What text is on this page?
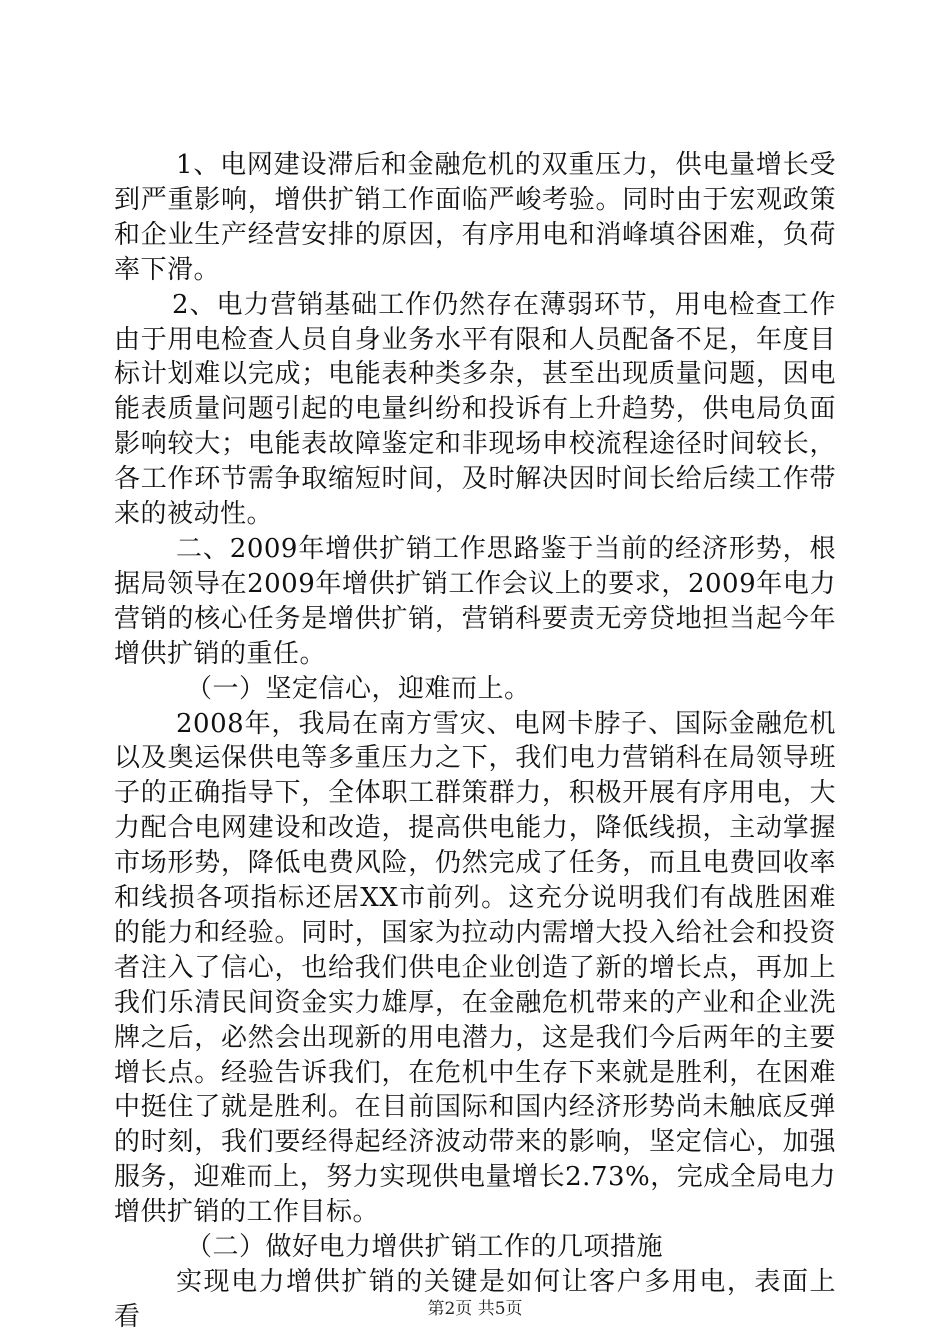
1、电网建设滞后和金融危机的双重压力，供电量增长受到严重影响，增供扩销工作面临严峻考验。同时由于宏观政策和企业生产经营安排的原因，有序用电和消峰填谷困难，负荷率下滑。

2、电力营销基础工作仍然存在薄弱环节，用电检查工作由于用电检查人员自身业务水平有限和人员配备不足，年度目标计划难以完成；电能表种类多杂，甚至出现质量问题，因电能表质量问题引起的电量纠纷和投诉有上升趋势，供电局负面影响较大；电能表故障鉴定和非现场申校流程途径时间较长，各工作环节需争取缩短时间，及时解决因时间长给后续工作带来的被动性。

二、2009年增供扩销工作思路鉴于当前的经济形势，根据局领导在2009年增供扩销工作会议上的要求，2009年电力营销的核心任务是增供扩销，营销科要责无旁贷地担当起今年增供扩销的重任。

（一）坚定信心，迎难而上。

2008年，我局在南方雪灾、电网卡脖子、国际金融危机以及奥运保供电等多重压力之下，我们电力营销科在局领导班子的正确指导下，全体职工群策群力，积极开展有序用电，大力配合电网建设和改造，提高供电能力，降低线损，主动掌握市场形势，降低电费风险，仍然完成了任务，而且电费回收率和线损各项指标还居XX市前列。这充分说明我们有战胜困难的能力和经验。同时，国家为拉动内需增大投入给社会和投资者注入了信心，也给我们供电企业创造了新的增长点，再加上我们乐清民间资金实力雄厚，在金融危机带来的产业和企业洗牌之后，必然会出现新的用电潜力，这是我们今后两年的主要增长点。经验告诉我们，在危机中生存下来就是胜利，在困难中挺住了就是胜利。在目前国际和国内经济形势尚未触底反弹的时刻，我们要经得起经济波动带来的影响，坚定信心，加强服务，迎难而上，努力实现供电量增长2.73%，完成全局电力增供扩销的工作目标。

（二）做好电力增供扩销工作的几项措施

实现电力增供扩销的关键是如何让客户多用电，表面上看	第2页 共5页
